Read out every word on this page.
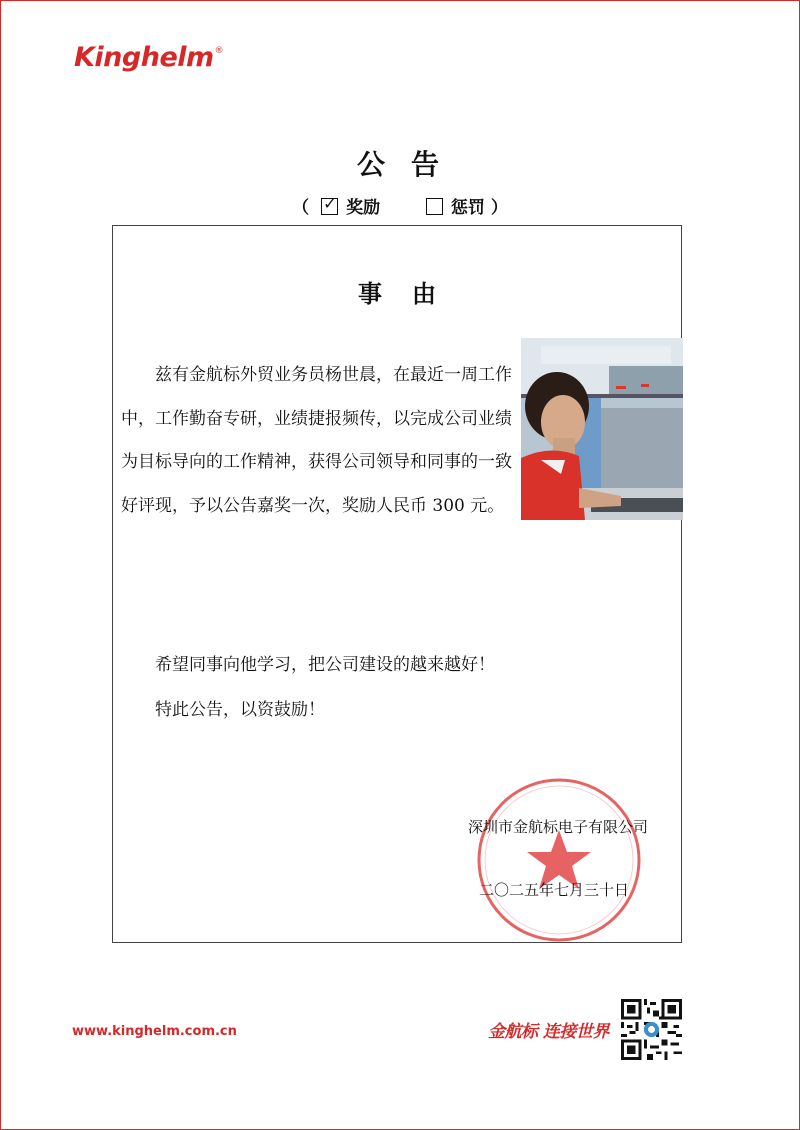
Kinghelm®
公 告
（ ✓ 奖励	惩罚 ）
事 由

兹有金航标外贸业务员杨世晨，在最近一周工作中，工作勤奋专研，业绩捷报频传，以完成公司业绩为目标导向的工作精神，获得公司领导和同事的一致好评现，予以公告嘉奖一次，奖励人民币 300 元。

希望同事向他学习，把公司建设的越来越好！

特此公告，以资鼓励！

深圳市金航标电子有限公司
二〇二五年七月三十日
www.kinghelm.com.cn	金航标 连接世界
